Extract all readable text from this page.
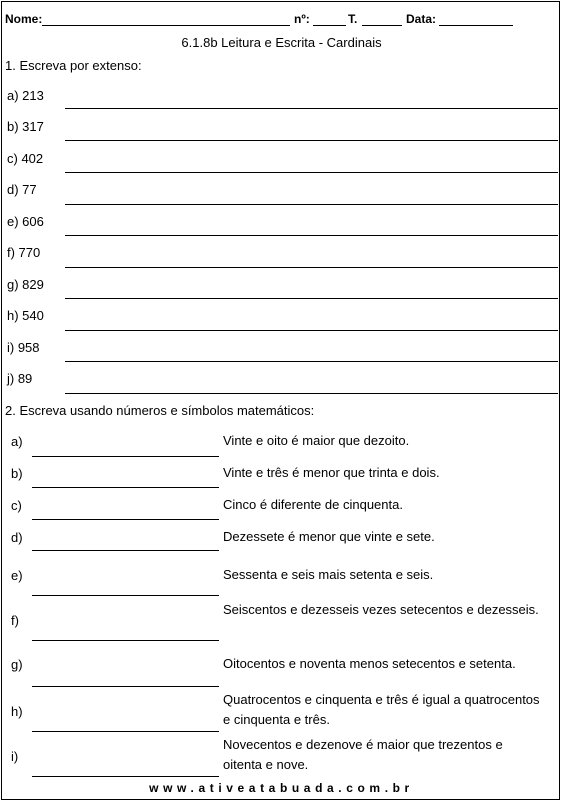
Nome:	nº:	T.	Data:
6.1.8b Leitura e Escrita - Cardinais
1. Escreva por extenso:
a) 213
b) 317
c) 402
d) 77
e) 606
f) 770
g) 829
h) 540
i) 958
j) 89
2. Escreva usando números e símbolos matemáticos:
a)	Vinte e oito é maior que dezoito.
b)	Vinte e três é menor que trinta e dois.
c)	Cinco é diferente de cinquenta.
d)	Dezessete é menor que vinte e sete.
e)	Sessenta e seis mais setenta e seis.
f)
Seiscentos e dezesseis vezes setecentos e dezesseis.
g)	Oitocentos e noventa menos setecentos e setenta.
h)
Quatrocentos e cinquenta e três é igual a quatrocentos e cinquenta e três.
i)
Novecentos e dezenove é maior que trezentos e oitenta e nove.
www.ativeatabuada.com.br
